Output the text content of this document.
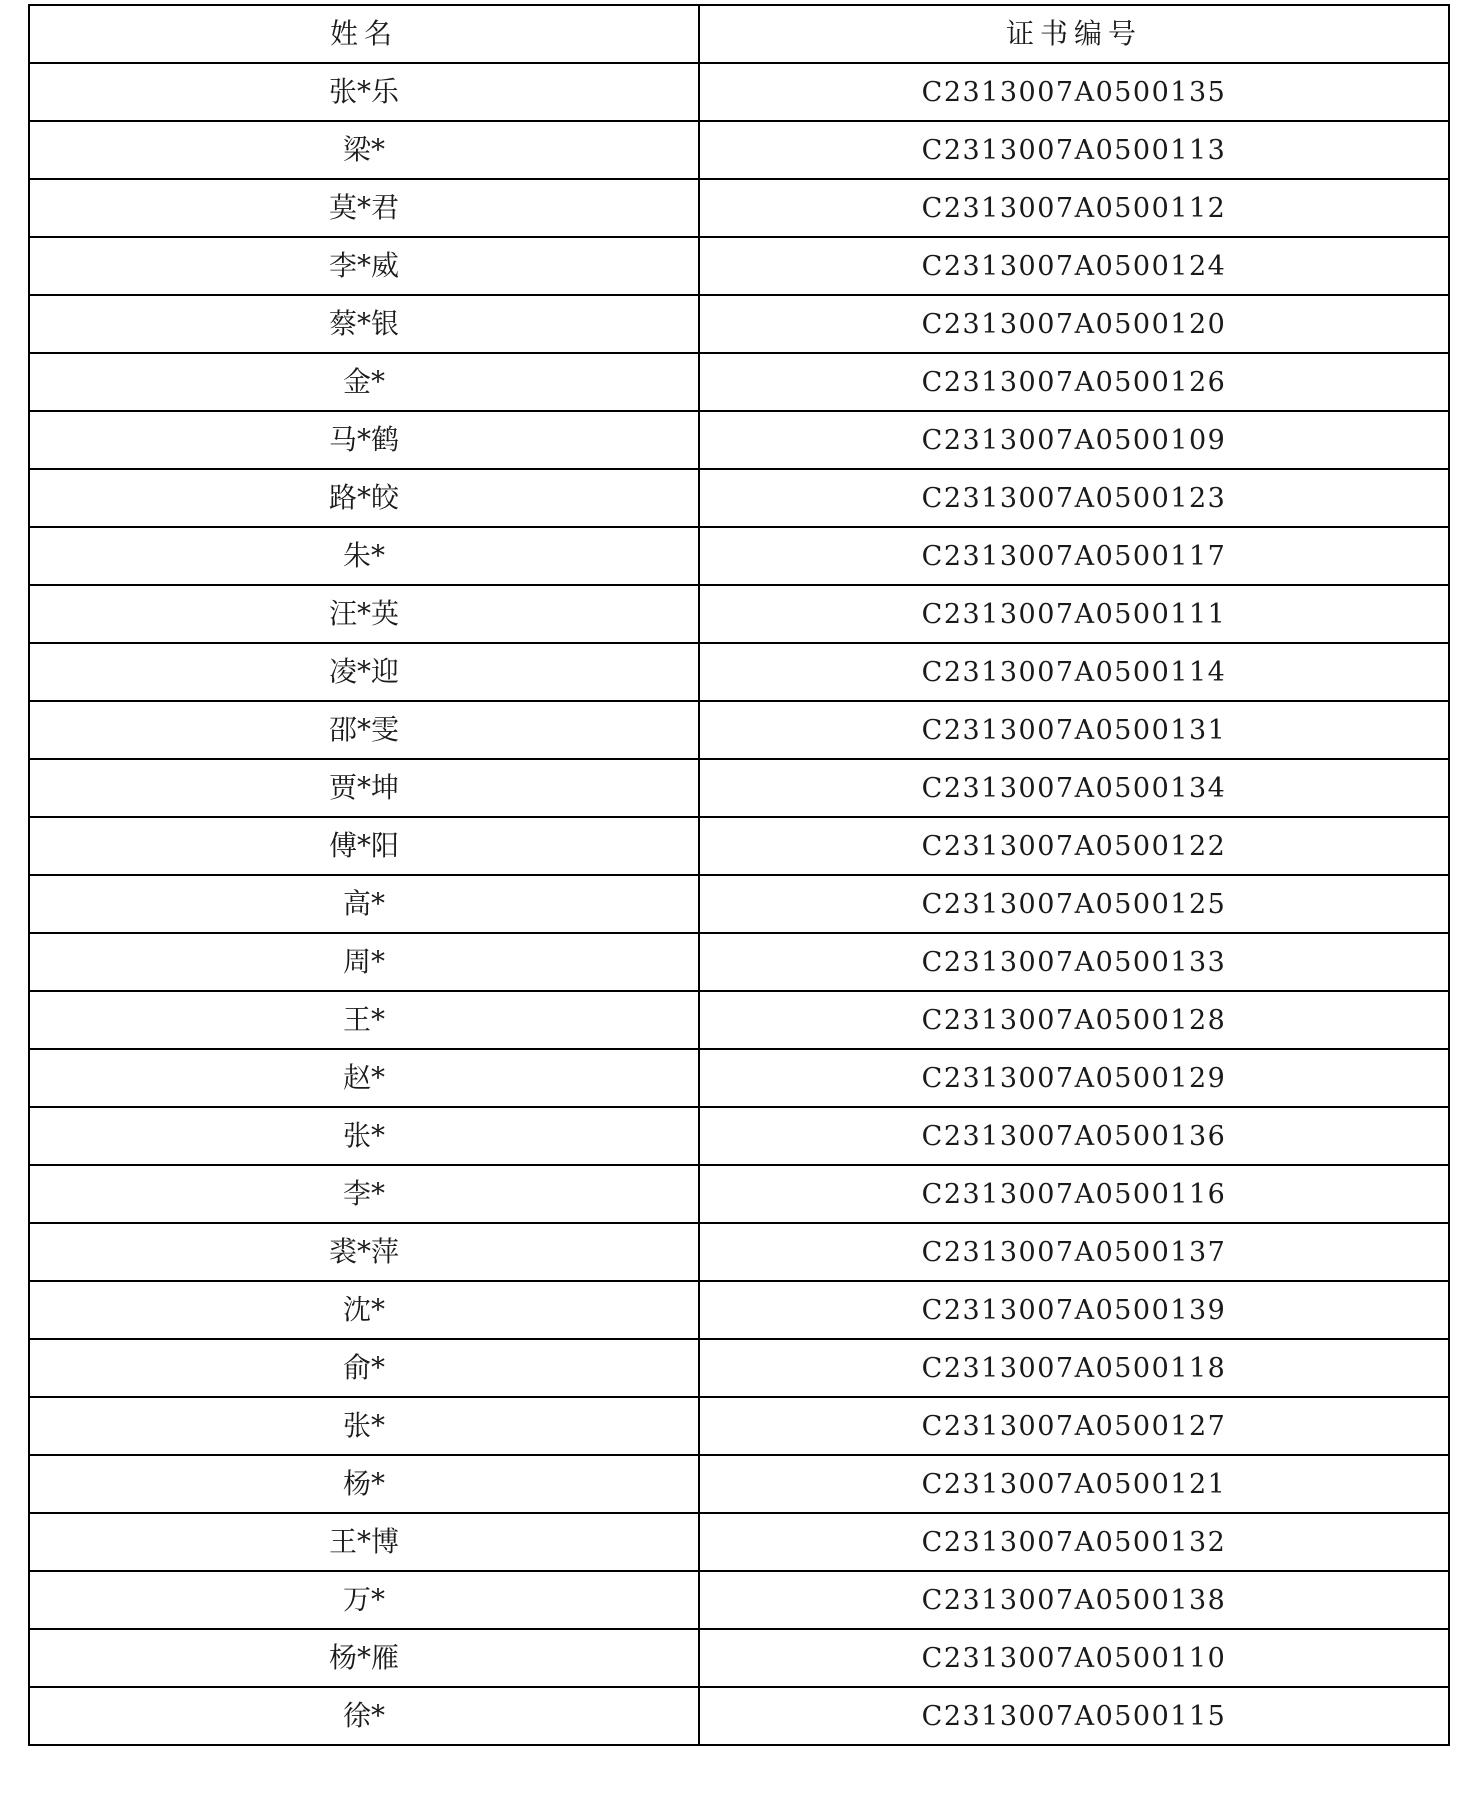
姓名	证书编号
张*乐	C2313007A0500135
梁*	C2313007A0500113
莫*君	C2313007A0500112
李*威	C2313007A0500124
蔡*银	C2313007A0500120
金*	C2313007A0500126
马*鹤	C2313007A0500109
路*皎	C2313007A0500123
朱*	C2313007A0500117
汪*英	C2313007A0500111
凌*迎	C2313007A0500114
邵*雯	C2313007A0500131
贾*坤	C2313007A0500134
傅*阳	C2313007A0500122
高*	C2313007A0500125
周*	C2313007A0500133
王*	C2313007A0500128
赵*	C2313007A0500129
张*	C2313007A0500136
李*	C2313007A0500116
裘*萍	C2313007A0500137
沈*	C2313007A0500139
俞*	C2313007A0500118
张*	C2313007A0500127
杨*	C2313007A0500121
王*博	C2313007A0500132
万*	C2313007A0500138
杨*雁	C2313007A0500110
徐*	C2313007A0500115
